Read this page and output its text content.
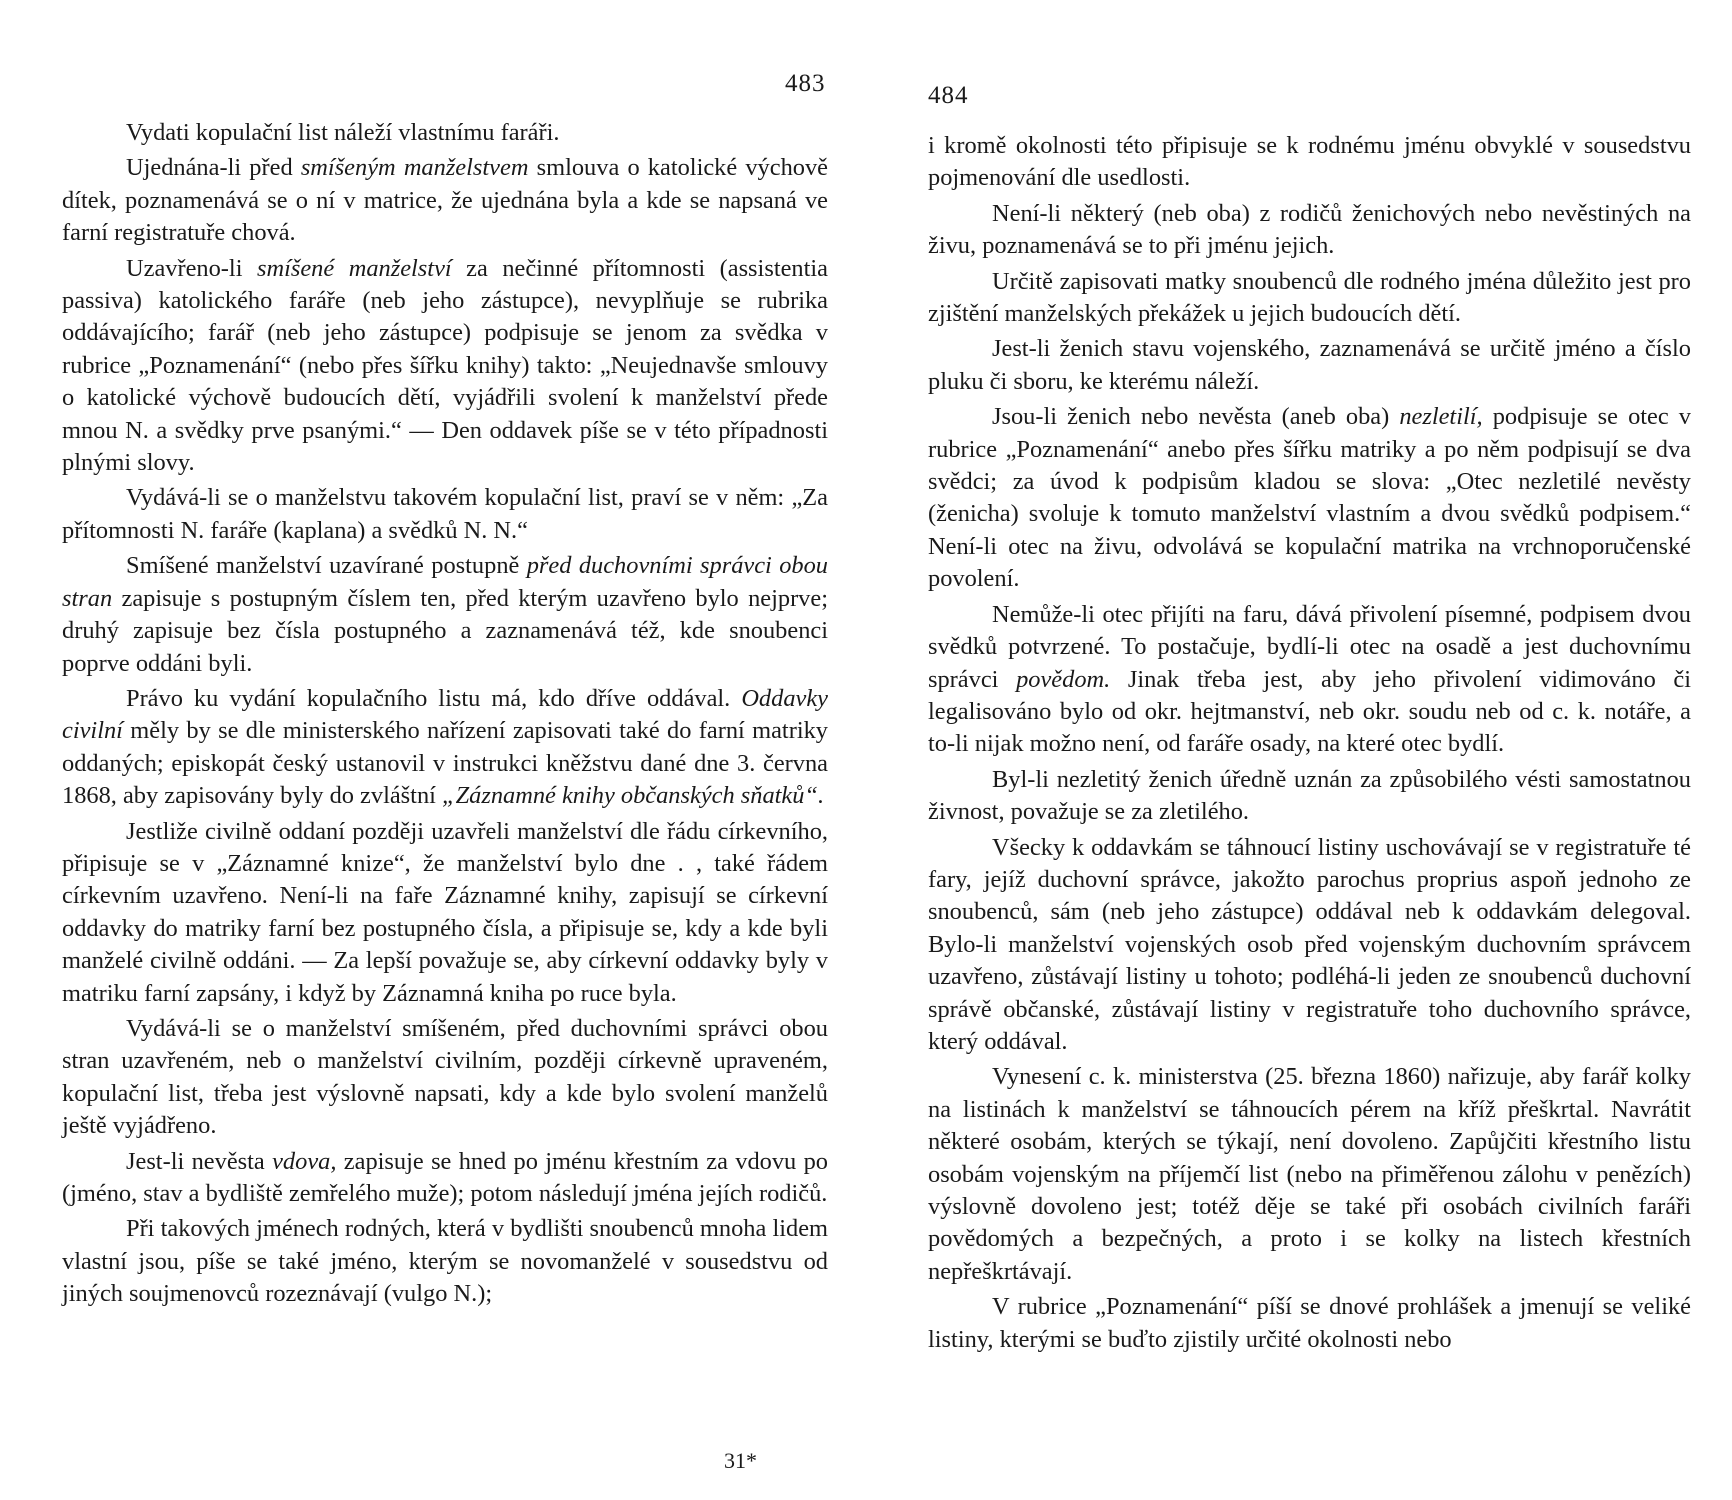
483

Vydati kopulační list náleží vlastnímu faráři.

Ujednána-li před smíšeným manželstvem smlouva o katolické výchově dítek, poznamenává se o ní v matrice, že ujednána byla a kde se napsaná ve farní registratuře chová.

Uzavřeno-li smíšené manželství za nečinné přítomnosti (assistentia passiva) katolického faráře (neb jeho zástupce), nevyplňuje se rubrika oddávajícího; farář (neb jeho zástupce) podpisuje se jenom za svědka v rubrice „Poznamenání“ (nebo přes šířku knihy) takto: „Neujednavše smlouvy o katolické výchově budoucích dětí, vyjádřili svolení k manželství přede mnou N. a svědky prve psanými.“ — Den oddavek píše se v této případnosti plnými slovy.

Vydává-li se o manželstvu takovém kopulační list, praví se v něm: „Za přítomnosti N. faráře (kaplana) a svědků N. N.“

Smíšené manželství uzavírané postupně před duchovními správci obou stran zapisuje s postupným číslem ten, před kterým uzavřeno bylo nejprve; druhý zapisuje bez čísla postupného a zaznamenává též, kde snoubenci poprve oddáni byli.

Právo ku vydání kopulačního listu má, kdo dříve oddával. Oddavky civilní měly by se dle ministerského nařízení zapisovati také do farní matriky oddaných; episkopát český ustanovil v instrukci kněžstvu dané dne 3. června 1868, aby zapisovány byly do zvláštní „Záznamné knihy občanských sňatků“.

Jestliže civilně oddaní později uzavřeli manželství dle řádu církevního, připisuje se v „Záznamné knize“, že manželství bylo dne . , také řádem církevním uzavřeno. Není-li na faře Záznamné knihy, zapisují se církevní oddavky do matriky farní bez postupného čísla, a připisuje se, kdy a kde byli manželé civilně oddáni. — Za lepší považuje se, aby církevní oddavky byly v matriku farní zapsány, i když by Záznamná kniha po ruce byla.

Vydává-li se o manželství smíšeném, před duchovními správci obou stran uzavřeném, neb o manželství civilním, později církevně upraveném, kopulační list, třeba jest výslovně napsati, kdy a kde bylo svolení manželů ještě vyjádřeno.

Jest-li nevěsta vdova, zapisuje se hned po jménu křestním za vdovu po (jméno, stav a bydliště zemřelého muže); potom následují jména jejích rodičů.

Při takových jménech rodných, která v bydlišti snoubenců mnoha lidem vlastní jsou, píše se také jméno, kterým se novomanželé v sousedstvu od jiných soujmenovců rozeznávají (vulgo N.);

31*
484

i kromě okolnosti této připisuje se k rodnému jménu obvyklé v sousedstvu pojmenování dle usedlosti.

Není-li některý (neb oba) z rodičů ženichových nebo nevěstiných na živu, poznamenává se to při jménu jejich.

Určitě zapisovati matky snoubenců dle rodného jména důležito jest pro zjištění manželských překážek u jejich budoucích dětí.

Jest-li ženich stavu vojenského, zaznamenává se určitě jméno a číslo pluku či sboru, ke kterému náleží.

Jsou-li ženich nebo nevěsta (aneb oba) nezletilí, podpisuje se otec v rubrice „Poznamenání“ anebo přes šířku matriky a po něm podpisují se dva svědci; za úvod k podpisům kladou se slova: „Otec nezletilé nevěsty (ženicha) svoluje k tomuto manželství vlastním a dvou svědků podpisem.“ Není-li otec na živu, odvolává se kopulační matrika na vrchnoporučenské povolení.

Nemůže-li otec přijíti na faru, dává přivolení písemné, podpisem dvou svědků potvrzené. To postačuje, bydlí-li otec na osadě a jest duchovnímu správci povědom. Jinak třeba jest, aby jeho přivolení vidimováno či legalisováno bylo od okr. hejtmanství, neb okr. soudu neb od c. k. notáře, a to-li nijak možno není, od faráře osady, na které otec bydlí.

Byl-li nezletitý ženich úředně uznán za způsobilého vésti samostatnou živnost, považuje se za zletilého.

Všecky k oddavkám se táhnoucí listiny uschovávají se v registratuře té fary, jejíž duchovní správce, jakožto parochus proprius aspoň jednoho ze snoubenců, sám (neb jeho zástupce) oddával neb k oddavkám delegoval. Bylo-li manželství vojenských osob před vojenským duchovním správcem uzavřeno, zůstávají listiny u tohoto; podléhá-li jeden ze snoubenců duchovní správě občanské, zůstávají listiny v registratuře toho duchovního správce, který oddával.

Vynesení c. k. ministerstva (25. března 1860) nařizuje, aby farář kolky na listinách k manželství se táhnoucích pérem na kříž přeškrtal. Navrátit některé osobám, kterých se týkají, není dovoleno. Zapůjčiti křestního listu osobám vojenským na příjemčí list (nebo na přiměřenou zálohu v penězích) výslovně dovoleno jest; totéž děje se také při osobách civilních faráři povědomých a bezpečných, a proto i se kolky na listech křestních nepřeškrtávají.

V rubrice „Poznamenání“ píší se dnové prohlášek a jmenují se veliké listiny, kterými se buďto zjistily určité okolnosti nebo
